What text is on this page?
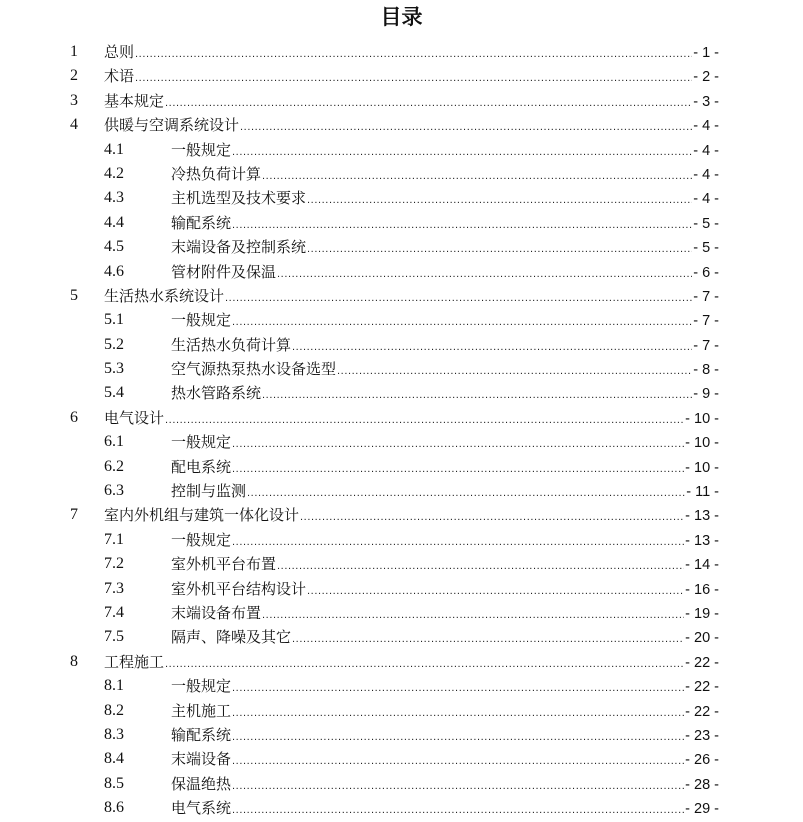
目录
1 总则 .....	- 1 -
2 术语 .....	- 2 -
3 基本规定 .....	- 3 -
4 供暖与空调系统设计 .....	- 4 -
4.1	一般规定 .....	- 4 -
4.2	冷热负荷计算 .....	- 4 -
4.3	主机选型及技术要求 .....	- 4 -
4.4	输配系统 .....	- 5 -
4.5	末端设备及控制系统 .....	- 5 -
4.6	管材附件及保温 .....	- 6 -
5 生活热水系统设计 .....	- 7 -
5.1	一般规定 .....	- 7 -
5.2	生活热水负荷计算 .....	- 7 -
5.3	空气源热泵热水设备选型 .....	- 8 -
5.4	热水管路系统 .....	- 9 -
6 电气设计 .....	- 10 -
6.1	一般规定 .....	- 10 -
6.2	配电系统 .....	- 10 -
6.3	控制与监测 .....	- 11 -
7 室内外机组与建筑一体化设计 .....	- 13 -
7.1	一般规定 .....	- 13 -
7.2	室外机平台布置 .....	- 14 -
7.3	室外机平台结构设计 .....	- 16 -
7.4	末端设备布置 .....	- 19 -
7.5	隔声、降噪及其它 .....	- 20 -
8 工程施工 .....	- 22 -
8.1	一般规定 .....	- 22 -
8.2	主机施工 .....	- 22 -
8.3	输配系统 .....	- 23 -
8.4	末端设备 .....	- 26 -
8.5	保温绝热 .....	- 28 -
8.6	电气系统 .....	- 29 -
